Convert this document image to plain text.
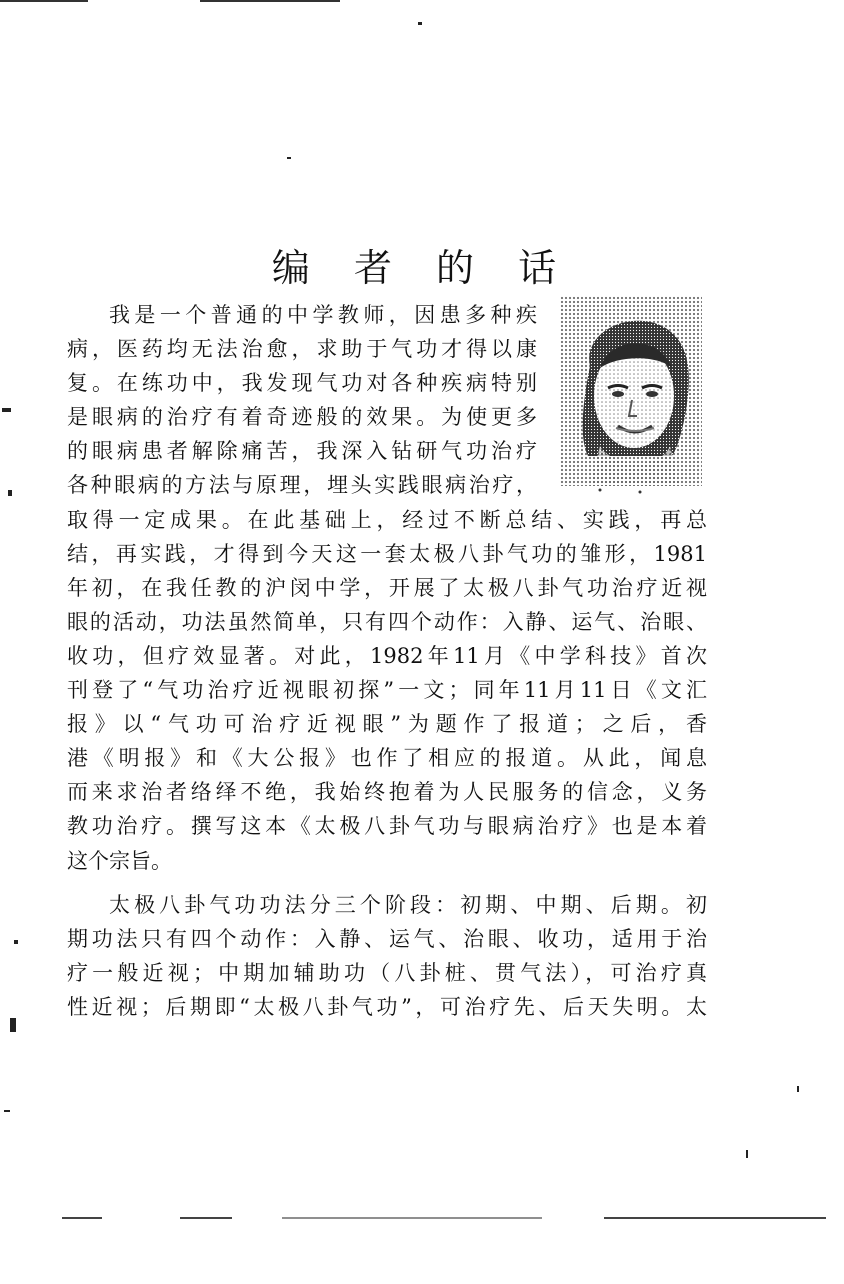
编 者 的 话
我是一个普通的中学教师，因患多种疾
病，医药均无法治愈，求助于气功才得以康
复。在练功中，我发现气功对各种疾病特别
是眼病的治疗有着奇迹般的效果。为使更多
的眼病患者解除痛苦，我深入钻研气功治疗
各种眼病的方法与原理，埋头实践眼病治疗，
取得一定成果。在此基础上，经过不断总结、实践，再总
结，再实践，才得到今天这一套太极八卦气功的雏形，1981
年初，在我任教的沪闵中学，开展了太极八卦气功治疗近视
眼的活动，功法虽然简单，只有四个动作：入静、运气、治眼、
收功，但疗效显著。对此，1982年11月《中学科技》首次
刊登了“气功治疗近视眼初探”一文；同年11月11日《文汇
报》以“气功可治疗近视眼”为题作了报道；之后，香
港《明报》和《大公报》也作了相应的报道。从此，闻息
而来求治者络绎不绝，我始终抱着为人民服务的信念，义务
教功治疗。撰写这本《太极八卦气功与眼病治疗》也是本着
这个宗旨。
太极八卦气功功法分三个阶段：初期、中期、后期。初
期功法只有四个动作：入静、运气、治眼、收功，适用于治
疗一般近视；中期加辅助功（八卦桩、贯气法），可治疗真
性近视；后期即“太极八卦气功”，可治疗先、后天失明。太
